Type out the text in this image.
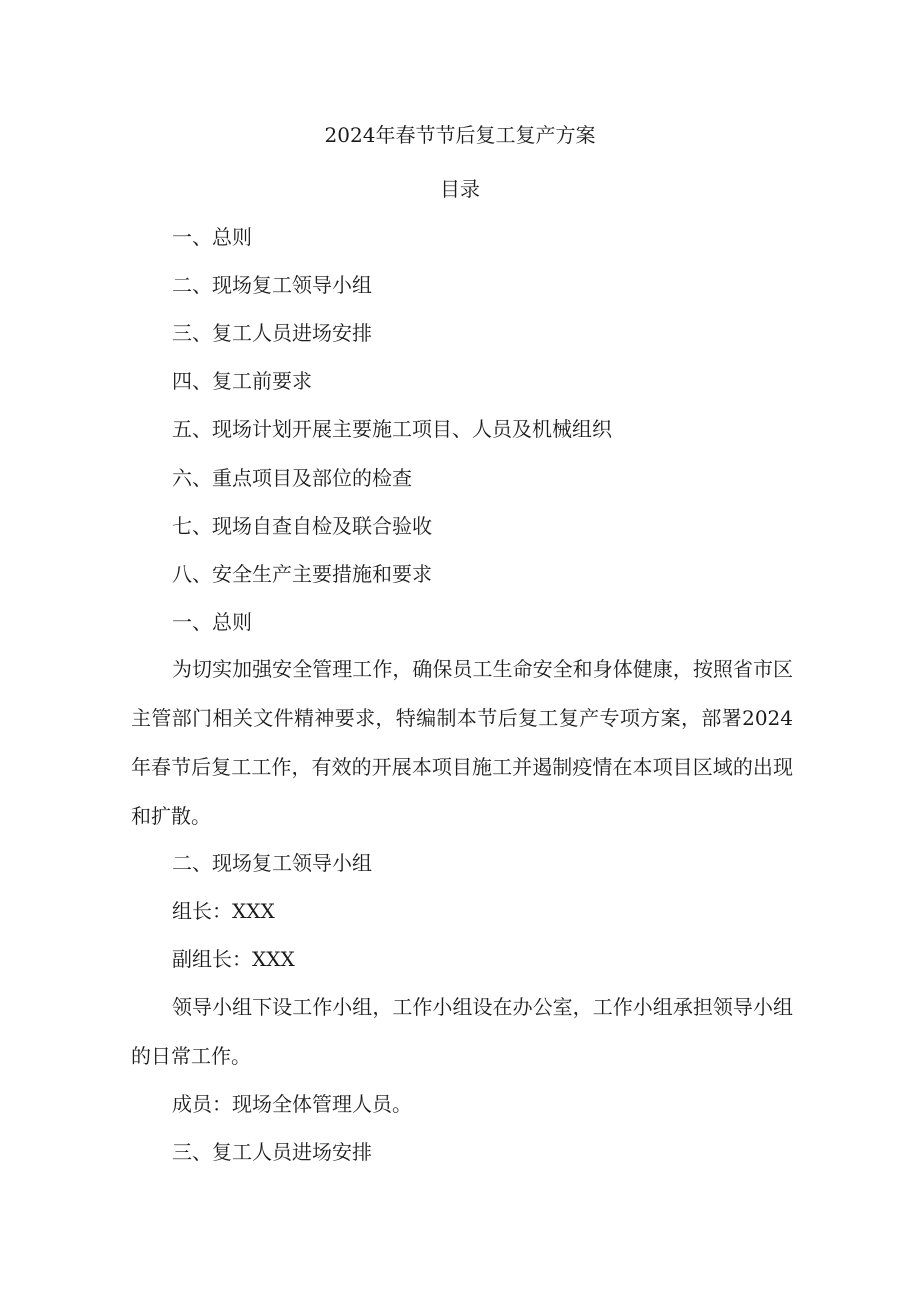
2024年春节节后复工复产方案

目录

一、总则

二、现场复工领导小组

三、复工人员进场安排

四、复工前要求

五、现场计划开展主要施工项目、人员及机械组织

六、重点项目及部位的检查

七、现场自查自检及联合验收

八、安全生产主要措施和要求

一、总则

为切实加强安全管理工作，确保员工生命安全和身体健康，按照省市区主管部门相关文件精神要求，特编制本节后复工复产专项方案，部署2024年春节后复工工作，有效的开展本项目施工并遏制疫情在本项目区域的出现和扩散。

二、现场复工领导小组

组长：XXX

副组长：XXX

领导小组下设工作小组，工作小组设在办公室，工作小组承担领导小组的日常工作。

成员：现场全体管理人员。

三、复工人员进场安排
